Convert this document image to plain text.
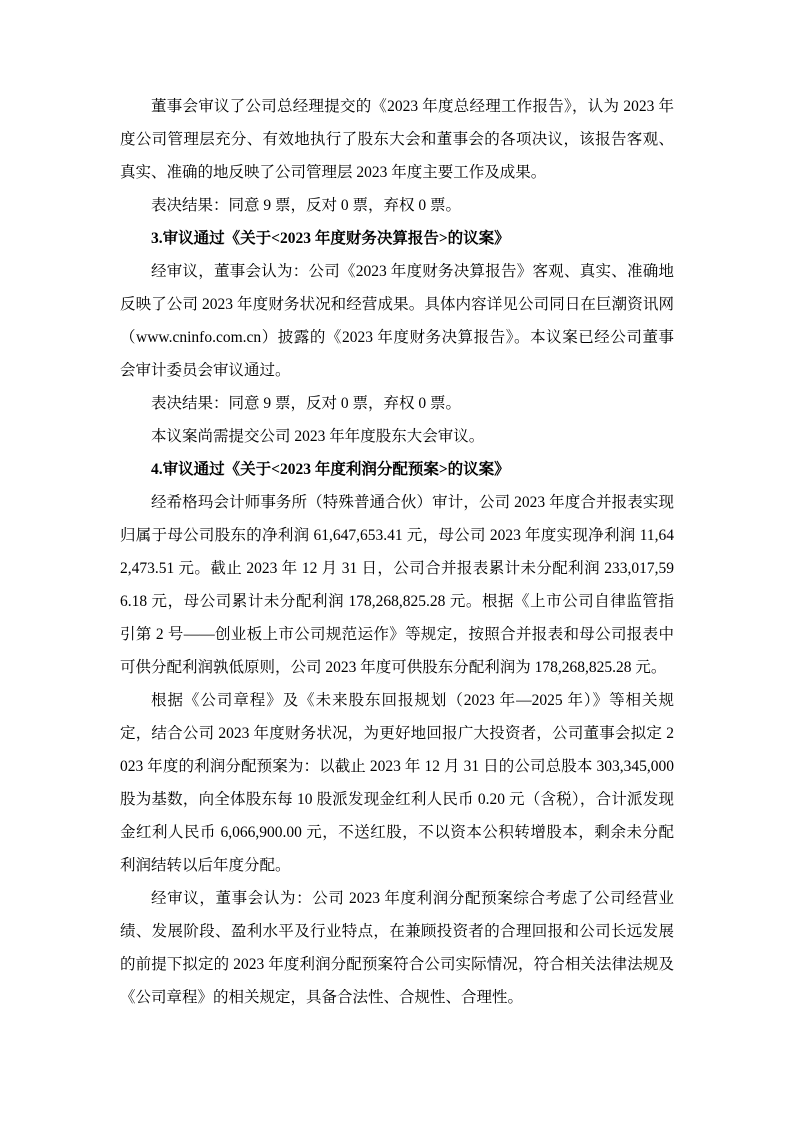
董事会审议了公司总经理提交的《2023 年度总经理工作报告》，认为 2023 年度公司管理层充分、有效地执行了股东大会和董事会的各项决议，该报告客观、真实、准确的地反映了公司管理层 2023 年度主要工作及成果。

表决结果：同意 9 票，反对 0 票，弃权 0 票。

3.审议通过《关于<2023 年度财务决算报告>的议案》

经审议，董事会认为：公司《2023 年度财务决算报告》客观、真实、准确地反映了公司 2023 年度财务状况和经营成果。具体内容详见公司同日在巨潮资讯网（www.cninfo.com.cn）披露的《2023 年度财务决算报告》。本议案已经公司董事会审计委员会审议通过。

表决结果：同意 9 票，反对 0 票，弃权 0 票。

本议案尚需提交公司 2023 年年度股东大会审议。

4.审议通过《关于<2023 年度利润分配预案>的议案》

经希格玛会计师事务所（特殊普通合伙）审计，公司 2023 年度合并报表实现归属于母公司股东的净利润 61,647,653.41 元，母公司 2023 年度实现净利润 11,642,473.51 元。截止 2023 年 12 月 31 日，公司合并报表累计未分配利润 233,017,596.18 元，母公司累计未分配利润 178,268,825.28 元。根据《上市公司自律监管指引第 2 号——创业板上市公司规范运作》等规定，按照合并报表和母公司报表中可供分配利润孰低原则，公司 2023 年度可供股东分配利润为 178,268,825.28 元。

根据《公司章程》及《未来股东回报规划（2023 年—2025 年）》等相关规定，结合公司 2023 年度财务状况，为更好地回报广大投资者，公司董事会拟定 2023 年度的利润分配预案为：以截止 2023 年 12 月 31 日的公司总股本 303,345,000 股为基数，向全体股东每 10 股派发现金红利人民币 0.20 元（含税），合计派发现金红利人民币 6,066,900.00 元，不送红股，不以资本公积转增股本，剩余未分配利润结转以后年度分配。

经审议，董事会认为：公司 2023 年度利润分配预案综合考虑了公司经营业绩、发展阶段、盈利水平及行业特点，在兼顾投资者的合理回报和公司长远发展的前提下拟定的 2023 年度利润分配预案符合公司实际情况，符合相关法律法规及《公司章程》的相关规定，具备合法性、合规性、合理性。
